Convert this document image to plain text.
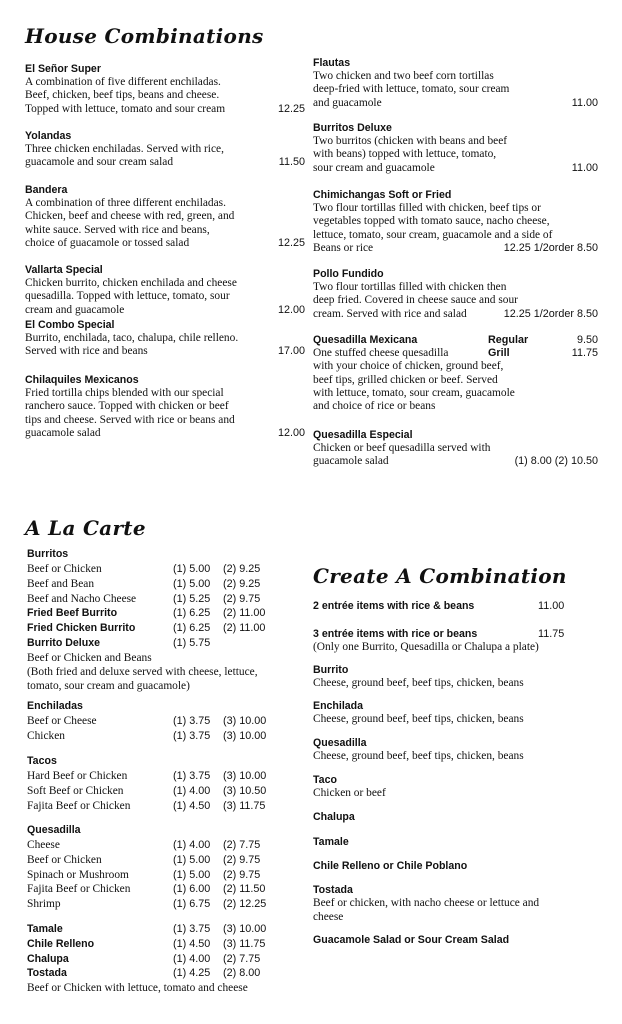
House Combinations
A La Carte
Create A Combination
El Señor Super
A combination of five different enchiladas.
Beef, chicken, beef tips, beans and cheese.
Topped with lettuce, tomato and sour cream	12.25
Yolandas
Three chicken enchiladas. Served with rice,
guacamole and sour cream salad	11.50
Bandera
A combination of three different enchiladas.
Chicken, beef and cheese with red, green, and
white sauce. Served with rice and beans,
choice of guacamole or tossed salad	12.25
Vallarta Special
Chicken burrito, chicken enchilada and cheese
quesadilla. Topped with lettuce, tomato, sour
cream and guacamole	12.00
El Combo Special
Burrito, enchilada, taco, chalupa, chile relleno.
Served with rice and beans	17.00
Chilaquiles Mexicanos
Fried tortilla chips blended with our special
ranchero sauce. Topped with chicken or beef
tips and cheese. Served with rice or beans and
guacamole salad	12.00
Flautas
Two chicken and two beef corn tortillas
deep-fried with lettuce, tomato, sour cream
and guacamole	11.00
Burritos Deluxe
Two burritos (chicken with beans and beef
with beans) topped with lettuce, tomato,
sour cream and guacamole	11.00
Chimichangas Soft or Fried
Two flour tortillas filled with chicken, beef tips or
vegetables topped with tomato sauce, nacho cheese,
lettuce, tomato, sour cream, guacamole and a side of
Beans or rice	12.25 1/2order 8.50
Pollo Fundido
Two flour tortillas filled with chicken then
deep fried. Covered in cheese sauce and sour
cream. Served with rice and salad	12.25 1/2order 8.50
Quesadilla Mexicana	Regular	9.50
One stuffed cheese quesadilla	Grill	11.75
with your choice of chicken, ground beef,
beef tips, grilled chicken or beef. Served
with lettuce, tomato, sour cream, guacamole
and choice of rice or beans
Quesadilla Especial
Chicken or beef quesadilla served with
guacamole salad	(1) 8.00 (2) 10.50
Burritos
Beef or Chicken	(1) 5.00	(2) 9.25
Beef and Bean	(1) 5.00	(2) 9.25
Beef and Nacho Cheese	(1) 5.25	(2) 9.75
Fried Beef Burrito	(1) 6.25	(2) 11.00
Fried Chicken Burrito	(1) 6.25	(2) 11.00
Burrito Deluxe	(1) 5.75
Beef or Chicken and Beans
(Both fried and deluxe served with cheese, lettuce,
tomato, sour cream and guacamole)
Enchiladas
Beef or Cheese	(1) 3.75	(3) 10.00
Chicken	(1) 3.75	(3) 10.00
Tacos
Hard Beef or Chicken	(1) 3.75	(3) 10.00
Soft Beef or Chicken	(1) 4.00	(3) 10.50
Fajita Beef or Chicken	(1) 4.50	(3) 11.75
Quesadilla
Cheese	(1) 4.00	(2) 7.75
Beef or Chicken	(1) 5.00	(2) 9.75
Spinach or Mushroom	(1) 5.00	(2) 9.75
Fajita Beef or Chicken	(1) 6.00	(2) 11.50
Shrimp	(1) 6.75	(2) 12.25
Tamale	(1) 3.75	(3) 10.00
Chile Relleno	(1) 4.50	(3) 11.75
Chalupa	(1) 4.00	(2) 7.75
Tostada	(1) 4.25	(2) 8.00
Beef or Chicken with lettuce, tomato and cheese
2 entrée items with rice & beans	11.00
3 entrée items with rice or beans	11.75
(Only one Burrito, Quesadilla or Chalupa a plate)
Burrito
Cheese, ground beef, beef tips, chicken, beans
Enchilada
Cheese, ground beef, beef tips, chicken, beans
Quesadilla
Cheese, ground beef, beef tips, chicken, beans
Taco
Chicken or beef
Chalupa
Tamale
Chile Relleno or Chile Poblano
Tostada
Beef or chicken, with nacho cheese or lettuce and
cheese
Guacamole Salad or Sour Cream Salad
